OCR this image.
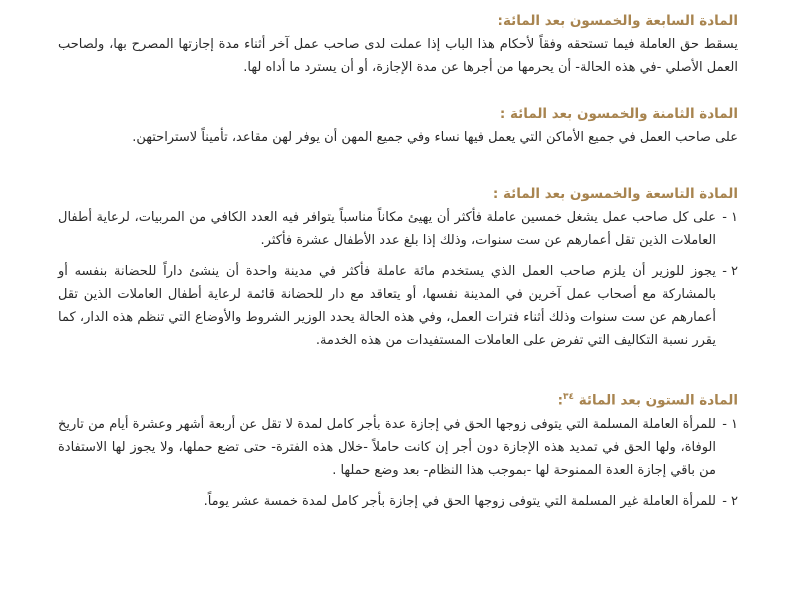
المادة السابعة والخمسون بعد المائة:

يسقط حق العاملة فيما تستحقه وفقاً لأحكام هذا الباب إذا عملت لدى صاحب عمل آخر أثناء مدة إجازتها المصرح بها، ولصاحب العمل الأصلي -في هذه الحالة- أن يحرمها من أجرها عن مدة الإجازة، أو أن يسترد ما أداه لها.

المادة الثامنة والخمسون بعد المائة :

على صاحب العمل في جميع الأماكن التي يعمل فيها نساء وفي جميع المهن أن يوفر لهن مقاعد، تأميناً لاستراحتهن.

المادة التاسعة والخمسون بعد المائة :
١ -
على كل صاحب عمل يشغل خمسين عاملة فأكثر أن يهيئ مكاناً مناسباً يتوافر فيه العدد الكافي من المربيات، لرعاية أطفال العاملات الذين تقل أعمارهم عن ست سنوات، وذلك إذا بلغ عدد الأطفال عشرة فأكثر.
٢ -
يجوز للوزير أن يلزم صاحب العمل الذي يستخدم مائة عاملة فأكثر في مدينة واحدة أن ينشئ داراً للحضانة بنفسه أو بالمشاركة مع أصحاب عمل آخرين في المدينة نفسها، أو يتعاقد مع دار للحضانة قائمة لرعاية أطفال العاملات الذين تقل أعمارهم عن ست سنوات وذلك أثناء فترات العمل، وفي هذه الحالة يحدد الوزير الشروط والأوضاع التي تنظم هذه الدار، كما يقرر نسبة التكاليف التي تفرض على العاملات المستفيدات من هذه الخدمة.
المادة الستون بعد المائة $^{٣٤}$:
١ -
للمرأة العاملة المسلمة التي يتوفى زوجها الحق في إجازة عدة بأجر كامل لمدة لا تقل عن أربعة أشهر وعشرة أيام من تاريخ الوفاة، ولها الحق في تمديد هذه الإجازة دون أجر إن كانت حاملاً -خلال هذه الفترة- حتى تضع حملها، ولا يجوز لها الاستفادة من باقي إجازة العدة الممنوحة لها -بموجب هذا النظام- بعد وضع حملها .
٢ -
للمرأة العاملة غير المسلمة التي يتوفى زوجها الحق في إجازة بأجر كامل لمدة خمسة عشر يوماً.
